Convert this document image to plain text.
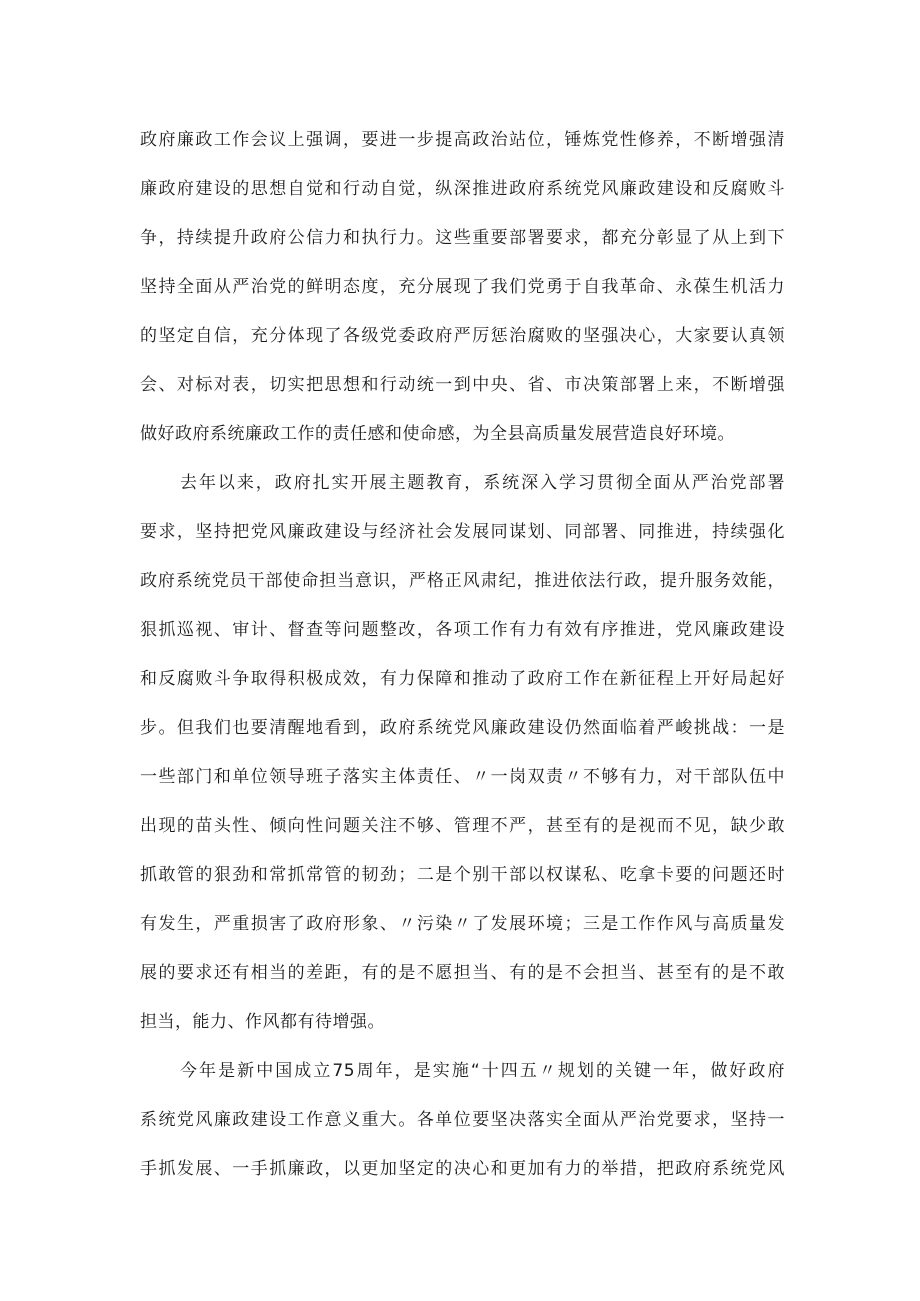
政府廉政工作会议上强调，要进一步提高政治站位，锤炼党性修养，不断增强清
廉政府建设的思想自觉和行动自觉，纵深推进政府系统党风廉政建设和反腐败斗
争，持续提升政府公信力和执行力。这些重要部署要求，都充分彰显了从上到下
坚持全面从严治党的鲜明态度，充分展现了我们党勇于自我革命、永葆生机活力
的坚定自信，充分体现了各级党委政府严厉惩治腐败的坚强决心，大家要认真领
会、对标对表，切实把思想和行动统一到中央、省、市决策部署上来，不断增强
做好政府系统廉政工作的责任感和使命感，为全县高质量发展营造良好环境。
去年以来，政府扎实开展主题教育，系统深入学习贯彻全面从严治党部署
要求，坚持把党风廉政建设与经济社会发展同谋划、同部署、同推进，持续强化
政府系统党员干部使命担当意识，严格正风肃纪，推进依法行政，提升服务效能，
狠抓巡视、审计、督查等问题整改，各项工作有力有效有序推进，党风廉政建设
和反腐败斗争取得积极成效，有力保障和推动了政府工作在新征程上开好局起好
步。但我们也要清醒地看到，政府系统党风廉政建设仍然面临着严峻挑战：一是
一些部门和单位领导班子落实主体责任、〃一岗双责〃不够有力，对干部队伍中
出现的苗头性、倾向性问题关注不够、管理不严，甚至有的是视而不见，缺少敢
抓敢管的狠劲和常抓常管的韧劲；二是个别干部以权谋私、吃拿卡要的问题还时
有发生，严重损害了政府形象、〃污染〃了发展环境；三是工作作风与高质量发
展的要求还有相当的差距，有的是不愿担当、有的是不会担当、甚至有的是不敢
担当，能力、作风都有待增强。
今年是新中国成立75周年，是实施“十四五〃规划的关键一年，做好政府
系统党风廉政建设工作意义重大。各单位要坚决落实全面从严治党要求，坚持一
手抓发展、一手抓廉政，以更加坚定的决心和更加有力的举措，把政府系统党风
